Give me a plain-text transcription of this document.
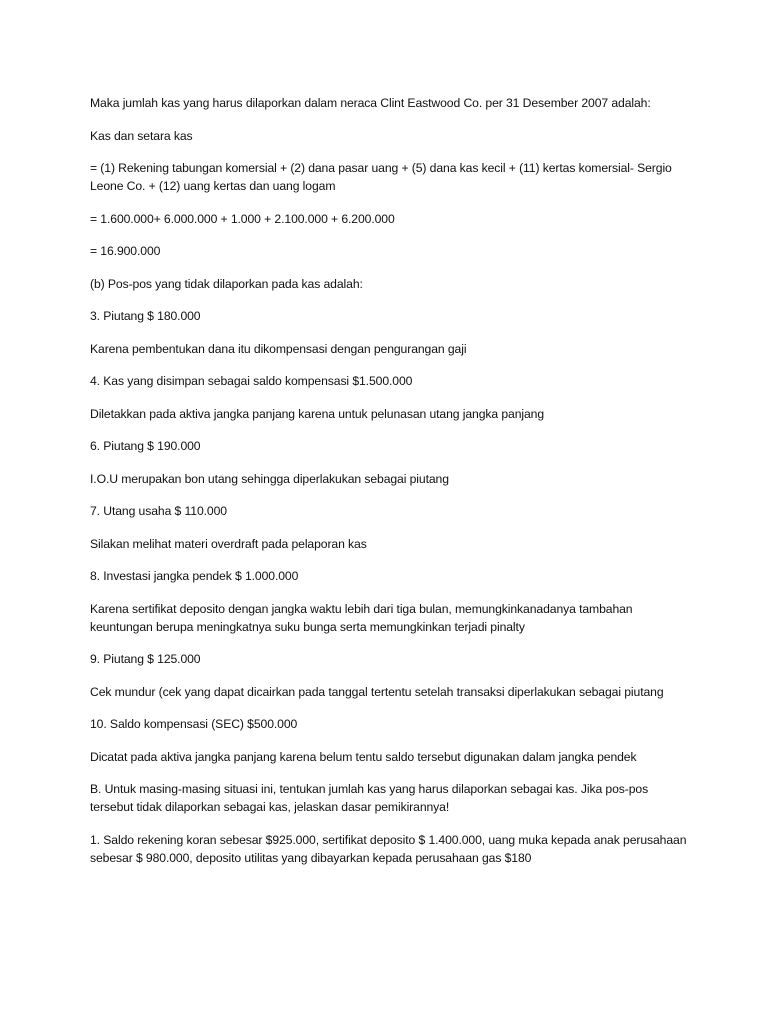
Maka jumlah kas yang harus dilaporkan dalam neraca Clint Eastwood Co. per 31 Desember 2007 adalah:

Kas dan setara kas

= (1) Rekening tabungan komersial + (2) dana pasar uang + (5) dana kas kecil + (11) kertas komersial- Sergio Leone Co. + (12) uang kertas dan uang logam

= 1.600.000+ 6.000.000 + 1.000 + 2.100.000 + 6.200.000

= 16.900.000

(b) Pos-pos yang tidak dilaporkan pada kas adalah:

3. Piutang $ 180.000

Karena pembentukan dana itu dikompensasi dengan pengurangan gaji

4. Kas yang disimpan sebagai saldo kompensasi $1.500.000

Diletakkan pada aktiva jangka panjang karena untuk pelunasan utang jangka panjang

6. Piutang $ 190.000

I.O.U merupakan bon utang sehingga diperlakukan sebagai piutang

7. Utang usaha $ 110.000

Silakan melihat materi overdraft pada pelaporan kas

8. Investasi jangka pendek $ 1.000.000

Karena sertifikat deposito dengan jangka waktu lebih dari tiga bulan, memungkinkanadanya tambahan keuntungan berupa meningkatnya suku bunga serta memungkinkan terjadi pinalty

9. Piutang $ 125.000

Cek mundur (cek yang dapat dicairkan pada tanggal tertentu setelah transaksi diperlakukan sebagai piutang

10. Saldo kompensasi (SEC) $500.000

Dicatat pada aktiva jangka panjang karena belum tentu saldo tersebut digunakan dalam jangka pendek

B. Untuk masing-masing situasi ini, tentukan jumlah kas yang harus dilaporkan sebagai kas. Jika pos-pos tersebut tidak dilaporkan sebagai kas, jelaskan dasar pemikirannya!

1. Saldo rekening koran sebesar $925.000, sertifikat deposito $ 1.400.000, uang muka kepada anak perusahaan sebesar $ 980.000, deposito utilitas yang dibayarkan kepada perusahaan gas $180
